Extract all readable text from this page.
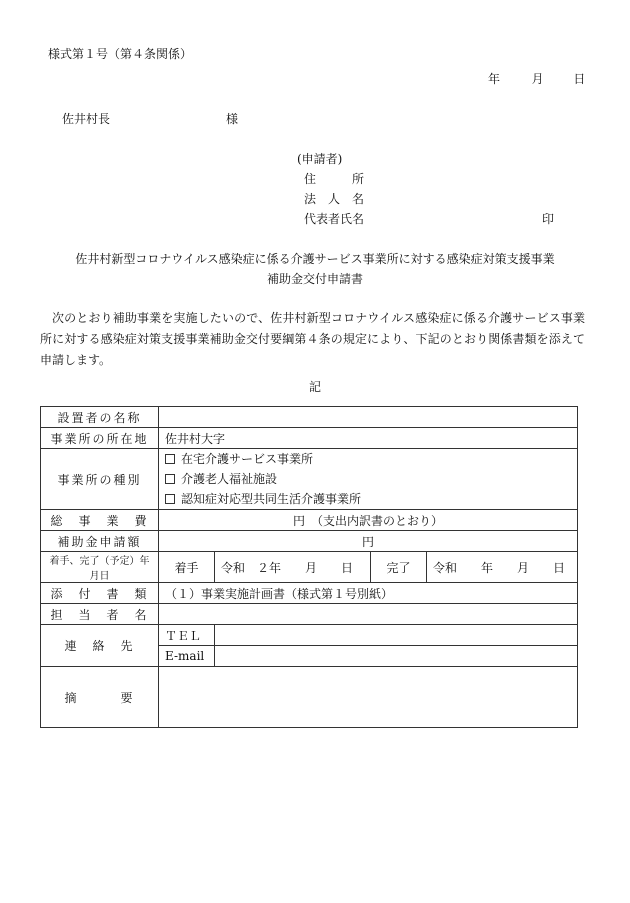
様式第１号（第４条関係）
年	月 日
佐井村長	様
(申請者)
住　　　所
法　人　名
代表者氏名	印
佐井村新型コロナウイルス感染症に係る介護サービス事業所に対する感染症対策支援事業
補助金交付申請書
次のとおり補助事業を実施したいので、佐井村新型コロナウイルス感染症に係る介護サービス事業所に対する感染症対策支援事業補助金交付要綱第４条の規定により、下記のとおり関係書類を添えて申請します。
記
設置者の名称				
事業所の所在地	佐井村大字			
事業所の種別	在宅介護サービス事業所
介護老人福祉施設
認知症対応型共同生活介護事業所			

総　事　業　費	円　（支出内訳書のとおり）			
補助金申請額	円			
着手、完了（予定）年月日	着手	令和　２年　　月　　日	完了	令和　　年　　月　　日
添　付　書　類	（１）事業実施計画書（様式第１号別紙）			
担　当　者　名				
連　絡　先	ＴＥＬ			
	E-mail			
摘　　　要				
